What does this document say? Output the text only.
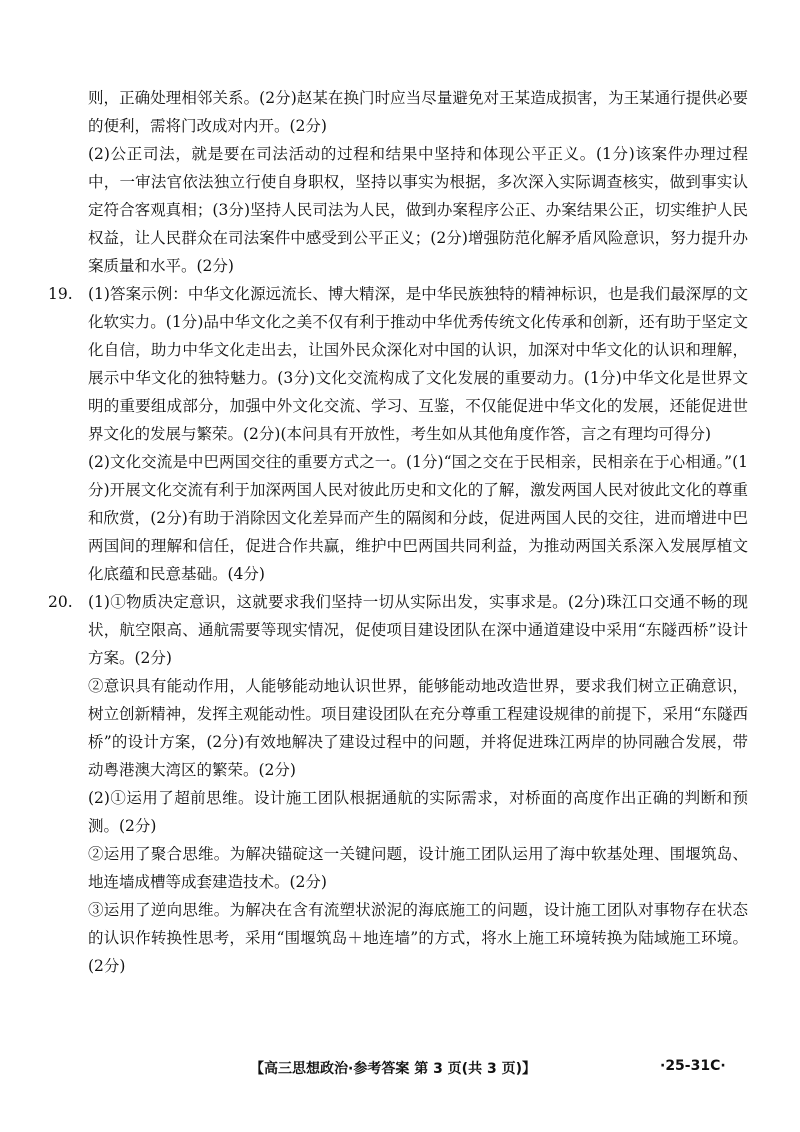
则，正确处理相邻关系。(2分)赵某在换门时应当尽量避免对王某造成损害，为王某通行提供必要的便利，需将门改成对内开。(2分)

(2)公正司法，就是要在司法活动的过程和结果中坚持和体现公平正义。(1分)该案件办理过程中，一审法官依法独立行使自身职权，坚持以事实为根据，多次深入实际调查核实，做到事实认定符合客观真相；(3分)坚持人民司法为人民，做到办案程序公正、办案结果公正，切实维护人民权益，让人民群众在司法案件中感受到公平正义；(2分)增强防范化解矛盾风险意识，努力提升办案质量和水平。(2分)

19. (1)答案示例：中华文化源远流长、博大精深，是中华民族独特的精神标识，也是我们最深厚的文化软实力。(1分)品中华文化之美不仅有利于推动中华优秀传统文化传承和创新，还有助于坚定文化自信，助力中华文化走出去，让国外民众深化对中国的认识，加深对中华文化的认识和理解，展示中华文化的独特魅力。(3分)文化交流构成了文化发展的重要动力。(1分)中华文化是世界文明的重要组成部分，加强中外文化交流、学习、互鉴，不仅能促进中华文化的发展，还能促进世界文化的发展与繁荣。(2分)(本问具有开放性，考生如从其他角度作答，言之有理均可得分)

(2)文化交流是中巴两国交往的重要方式之一。(1分)“国之交在于民相亲，民相亲在于心相通。”(1分)开展文化交流有利于加深两国人民对彼此历史和文化的了解，激发两国人民对彼此文化的尊重和欣赏，(2分)有助于消除因文化差异而产生的隔阂和分歧，促进两国人民的交往，进而增进中巴两国间的理解和信任，促进合作共赢，维护中巴两国共同利益，为推动两国关系深入发展厚植文化底蕴和民意基础。(4分)

20. (1)①物质决定意识，这就要求我们坚持一切从实际出发，实事求是。(2分)珠江口交通不畅的现状，航空限高、通航需要等现实情况，促使项目建设团队在深中通道建设中采用“东隧西桥”设计方案。(2分)

②意识具有能动作用，人能够能动地认识世界，能够能动地改造世界，要求我们树立正确意识，树立创新精神，发挥主观能动性。项目建设团队在充分尊重工程建设规律的前提下，采用“东隧西桥”的设计方案，(2分)有效地解决了建设过程中的问题，并将促进珠江两岸的协同融合发展，带动粤港澳大湾区的繁荣。(2分)

(2)①运用了超前思维。设计施工团队根据通航的实际需求，对桥面的高度作出正确的判断和预测。(2分)

②运用了聚合思维。为解决锚碇这一关键问题，设计施工团队运用了海中软基处理、围堰筑岛、地连墙成槽等成套建造技术。(2分)

③运用了逆向思维。为解决在含有流塑状淤泥的海底施工的问题，设计施工团队对事物存在状态的认识作转换性思考，采用“围堰筑岛＋地连墙”的方式，将水上施工环境转换为陆域施工环境。(2分)

【高三思想政治·参考答案 第 3 页(共 3 页)】	·25-31C·
